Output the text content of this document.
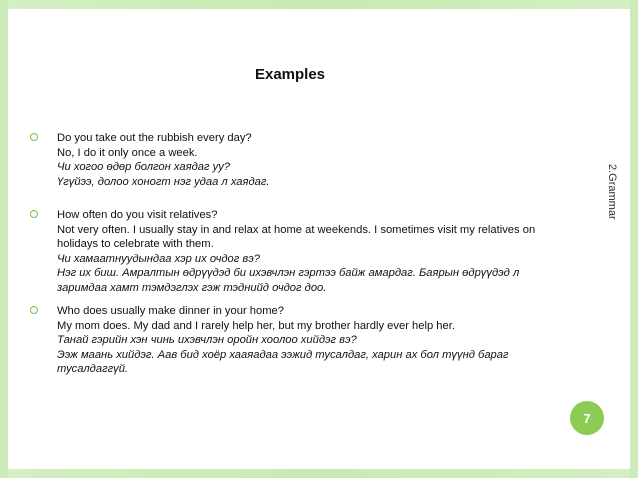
Examples
2.Grammar
Do you take out the rubbish every day?
No, I do it only once a week.
Чи хогоо өдөр болгон хаядаг уу?
Үгүйээ, долоо хоногт нэг удаа л хаядаг.
How often do you visit relatives?
Not very often. I usually stay in and relax at home at weekends. I sometimes visit my relatives on
holidays to celebrate with them.
Чи хамаатнуудындаа хэр их очдог вэ?
Нэг их биш. Амралтын өдрүүдэд би ихэвчлэн гэртээ байж амардаг. Баярын өдрүүдэд л
заримдаа хамт тэмдэглэх гэж тэднийд очдог доо.
Who does usually make dinner in your home?
My mom does. My dad and I rarely help her, but my brother hardly ever help her.
Танай гэрийн хэн чинь ихэвчлэн оройн хоолоо хийдэг вэ?
Ээж маань хийдэг. Аав бид хоёр хааяадаа ээжид тусалдаг, харин ах бол түүнд бараг
тусалдаггүй.
7
